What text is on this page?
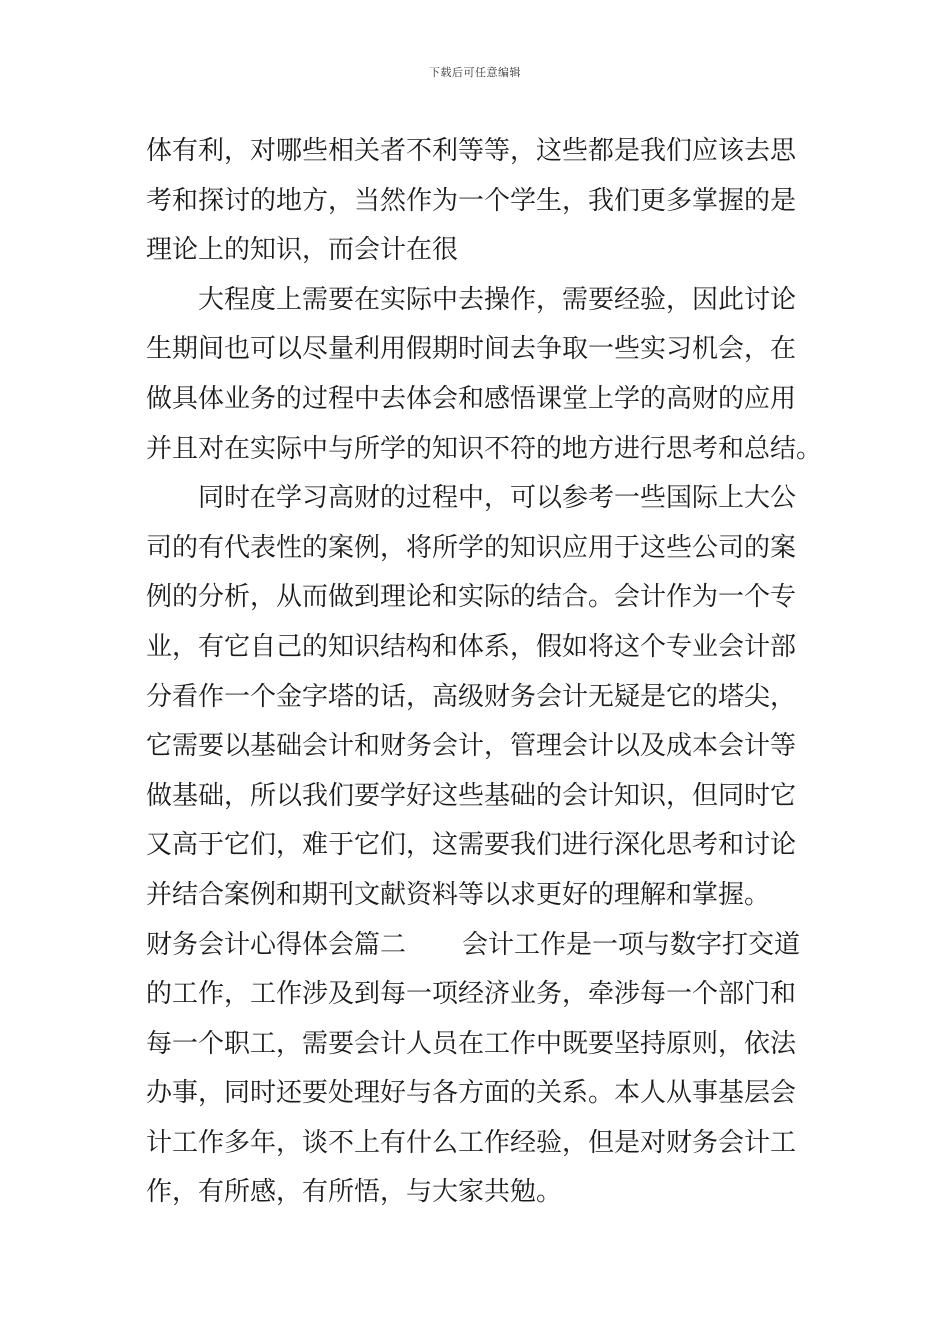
下载后可任意编辑
体有利，对哪些相关者不利等等，这些都是我们应该去思
考和探讨的地方，当然作为一个学生，我们更多掌握的是
理论上的知识，而会计在很
大程度上需要在实际中去操作，需要经验，因此讨论
生期间也可以尽量利用假期时间去争取一些实习机会，在
做具体业务的过程中去体会和感悟课堂上学的高财的应用
并且对在实际中与所学的知识不符的地方进行思考和总结。
同时在学习高财的过程中，可以参考一些国际上大公
司的有代表性的案例，将所学的知识应用于这些公司的案
例的分析，从而做到理论和实际的结合。会计作为一个专
业，有它自己的知识结构和体系，假如将这个专业会计部
分看作一个金字塔的话，高级财务会计无疑是它的塔尖，
它需要以基础会计和财务会计，管理会计以及成本会计等
做基础，所以我们要学好这些基础的会计知识，但同时它
又高于它们，难于它们，这需要我们进行深化思考和讨论
并结合案例和期刊文献资料等以求更好的理解和掌握。
财务会计心得体会篇二 会计工作是一项与数字打交道
的工作，工作涉及到每一项经济业务，牵涉每一个部门和
每一个职工，需要会计人员在工作中既要坚持原则，依法
办事，同时还要处理好与各方面的关系。本人从事基层会
计工作多年，谈不上有什么工作经验，但是对财务会计工
作，有所感，有所悟，与大家共勉。
